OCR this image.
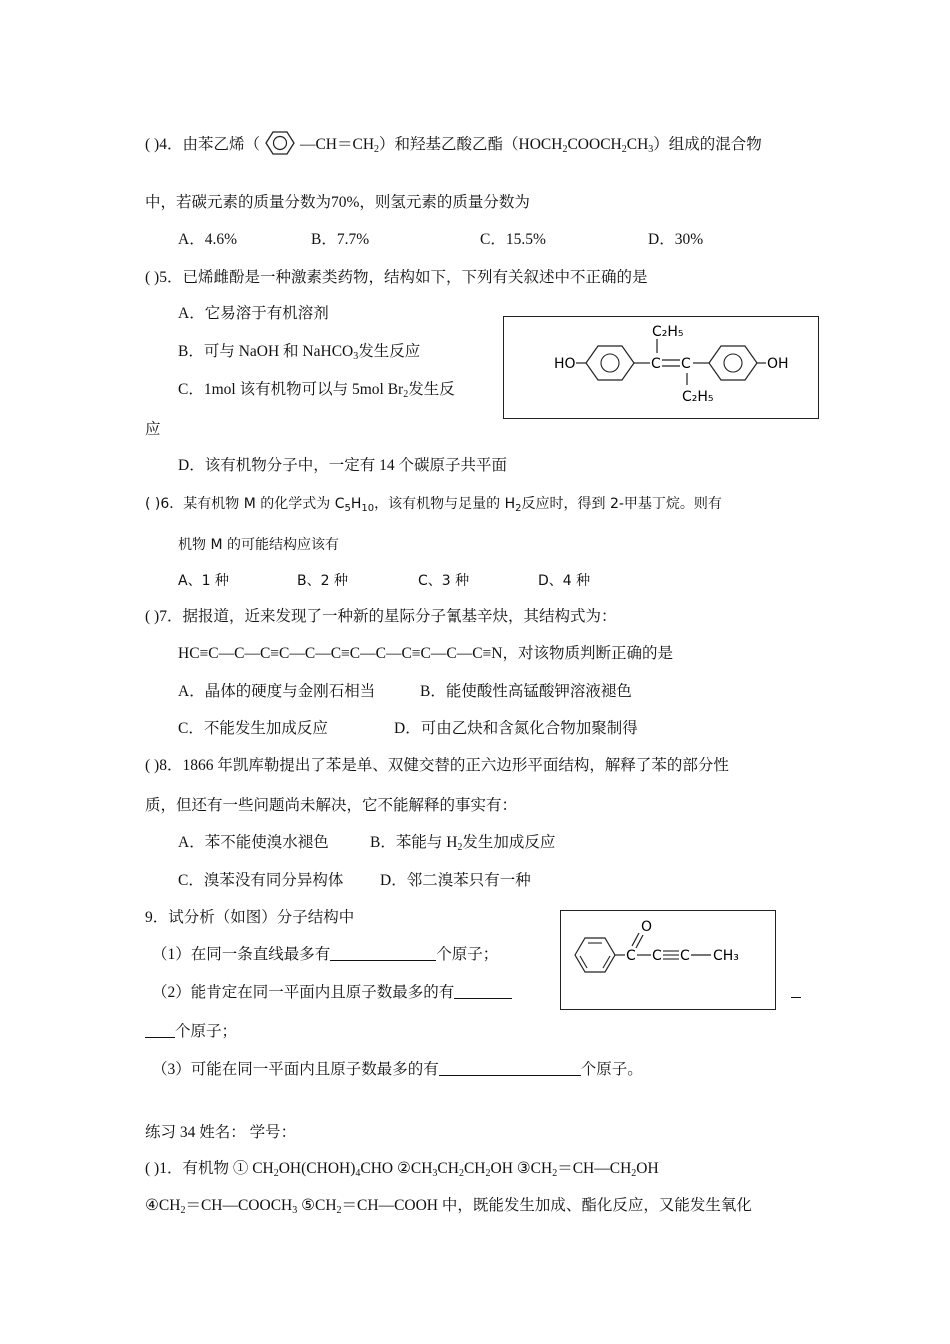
( )4．由苯乙烯（	$—CH=CH_2$）和羟基乙酸乙酯$(HOCH_2COOCH_2CH_3)$组成的混合物
中，若碳元素的质量分数为70%，则氢元素的质量分数为
A．4.6%	B．7.7%	C．15.5%	D．30%
( )5．已烯雌酚是一种激素类药物，结构如下，下列有关叙述中不正确的是
A．它易溶于有机溶剂
B．可与 NaOH 和 NaHCO$_3$发生反应
C．1mol 该有机物可以与 5mol $Br_2$发生反
应
D．该有机物分子中，一定有 14 个碳原子共平面
HO	C C
C₂H₅
C₂H₅
OH
( )6．某有机物 M 的化学式为 $C_5H_{10}$，该有机物与足量的 $H_2$反应时，得到 2-甲基丁烷。则有
机物 M 的可能结构应该有
A、1 种	B、2 种	C、3 种	D、4 种
( )7．据报道，近来发现了一种新的星际分子氰基辛炔，其结构式为：
HC≡C—C—C≡C—C—C≡C—C—C≡C—C—C≡N，对该物质判断正确的是
A．晶体的硬度与金刚石相当	B．能使酸性高锰酸钾溶液褪色
C．不能发生加成反应	D．可由乙炔和含氮化合物加聚制得
( )8．1866 年凯库勒提出了苯是单、双健交替的正六边形平面结构，解释了苯的部分性
质，但还有一些问题尚未解决，它不能解释的事实有：
A．苯不能使溴水褪色	B．苯能与 $H_2$发生加成反应
C．溴苯没有同分异构体 D．邻二溴苯只有一种
9．试分析（如图）分子结构中
（1）在同一条直线最多有	个原子；
（2）能肯定在同一平面内且原子数最多的有
个原子；
（3）可能在同一平面内且原子数最多的有	个原子。
C
O
C C CH₃
练习 34 姓名： 学号：
( )1．有机物 ① $CH_2OH(CHOH)_4CHO$ $②CH_3CH_2CH_2OH$ $③CH_2=CH—CH_2OH$
$④CH_2=CH—COOCH_3$ $⑤CH_2=CH—COOH$ 中，既能发生加成、酯化反应，又能发生氧化
